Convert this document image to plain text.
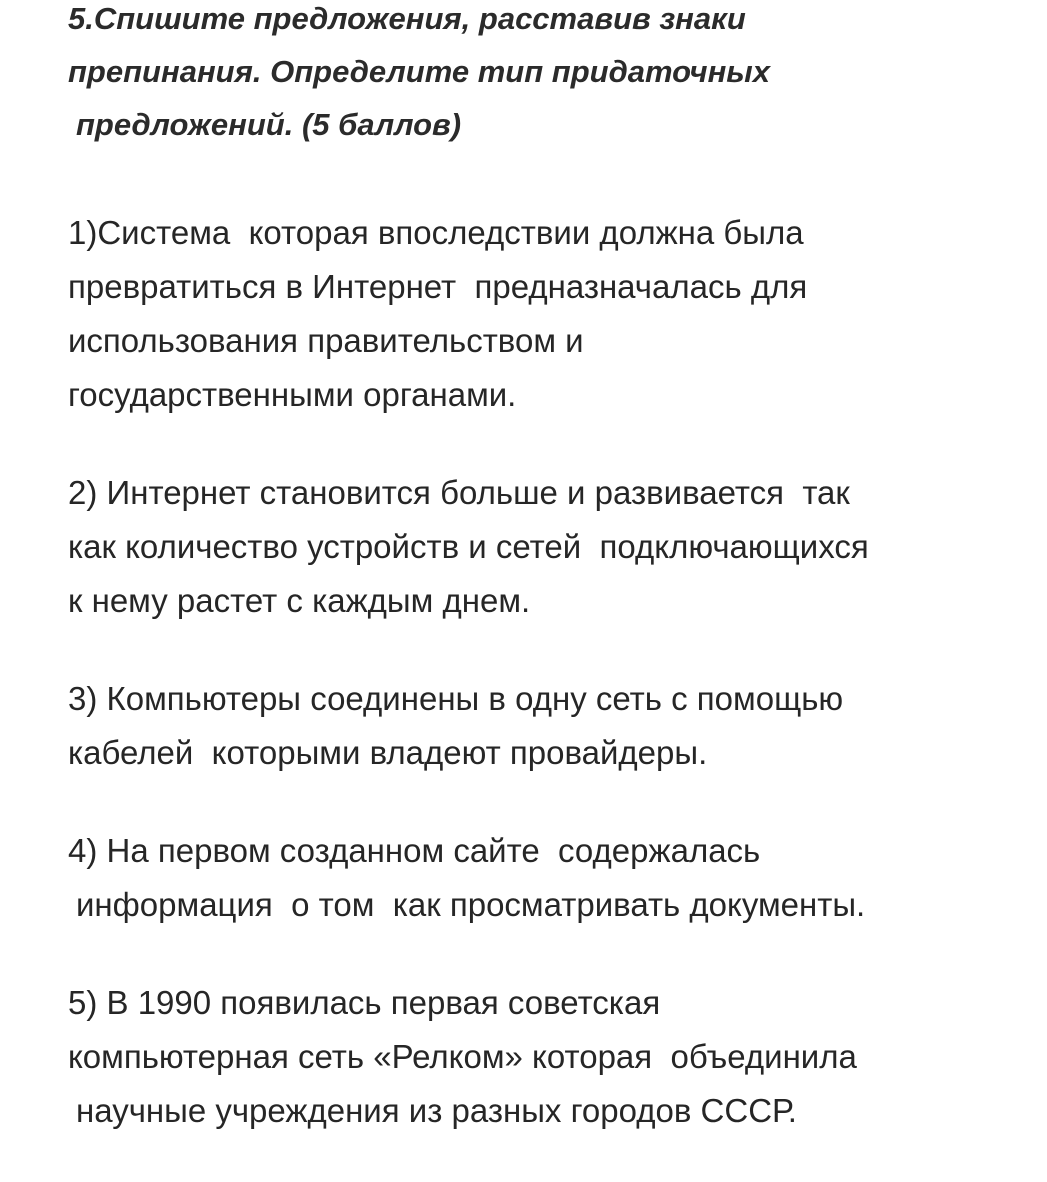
5.Спишите предложения, расставив знаки
препинания. Определите тип придаточных
предложений. (5 баллов)
1)Система  которая впоследствии должна была
превратиться в Интернет  предназначалась для
использования правительством и
государственными органами.
2) Интернет становится больше и развивается  так
как количество устройств и сетей  подключающихся
к нему растет с каждым днем.
3) Компьютеры соединены в одну сеть с помощью
кабелей  которыми владеют провайдеры.
4) На первом созданном сайте  содержалась
информация  о том  как просматривать документы.
5) В 1990 появилась первая советская
компьютерная сеть «Релком» которая  объединила
научные учреждения из разных городов СССР.
